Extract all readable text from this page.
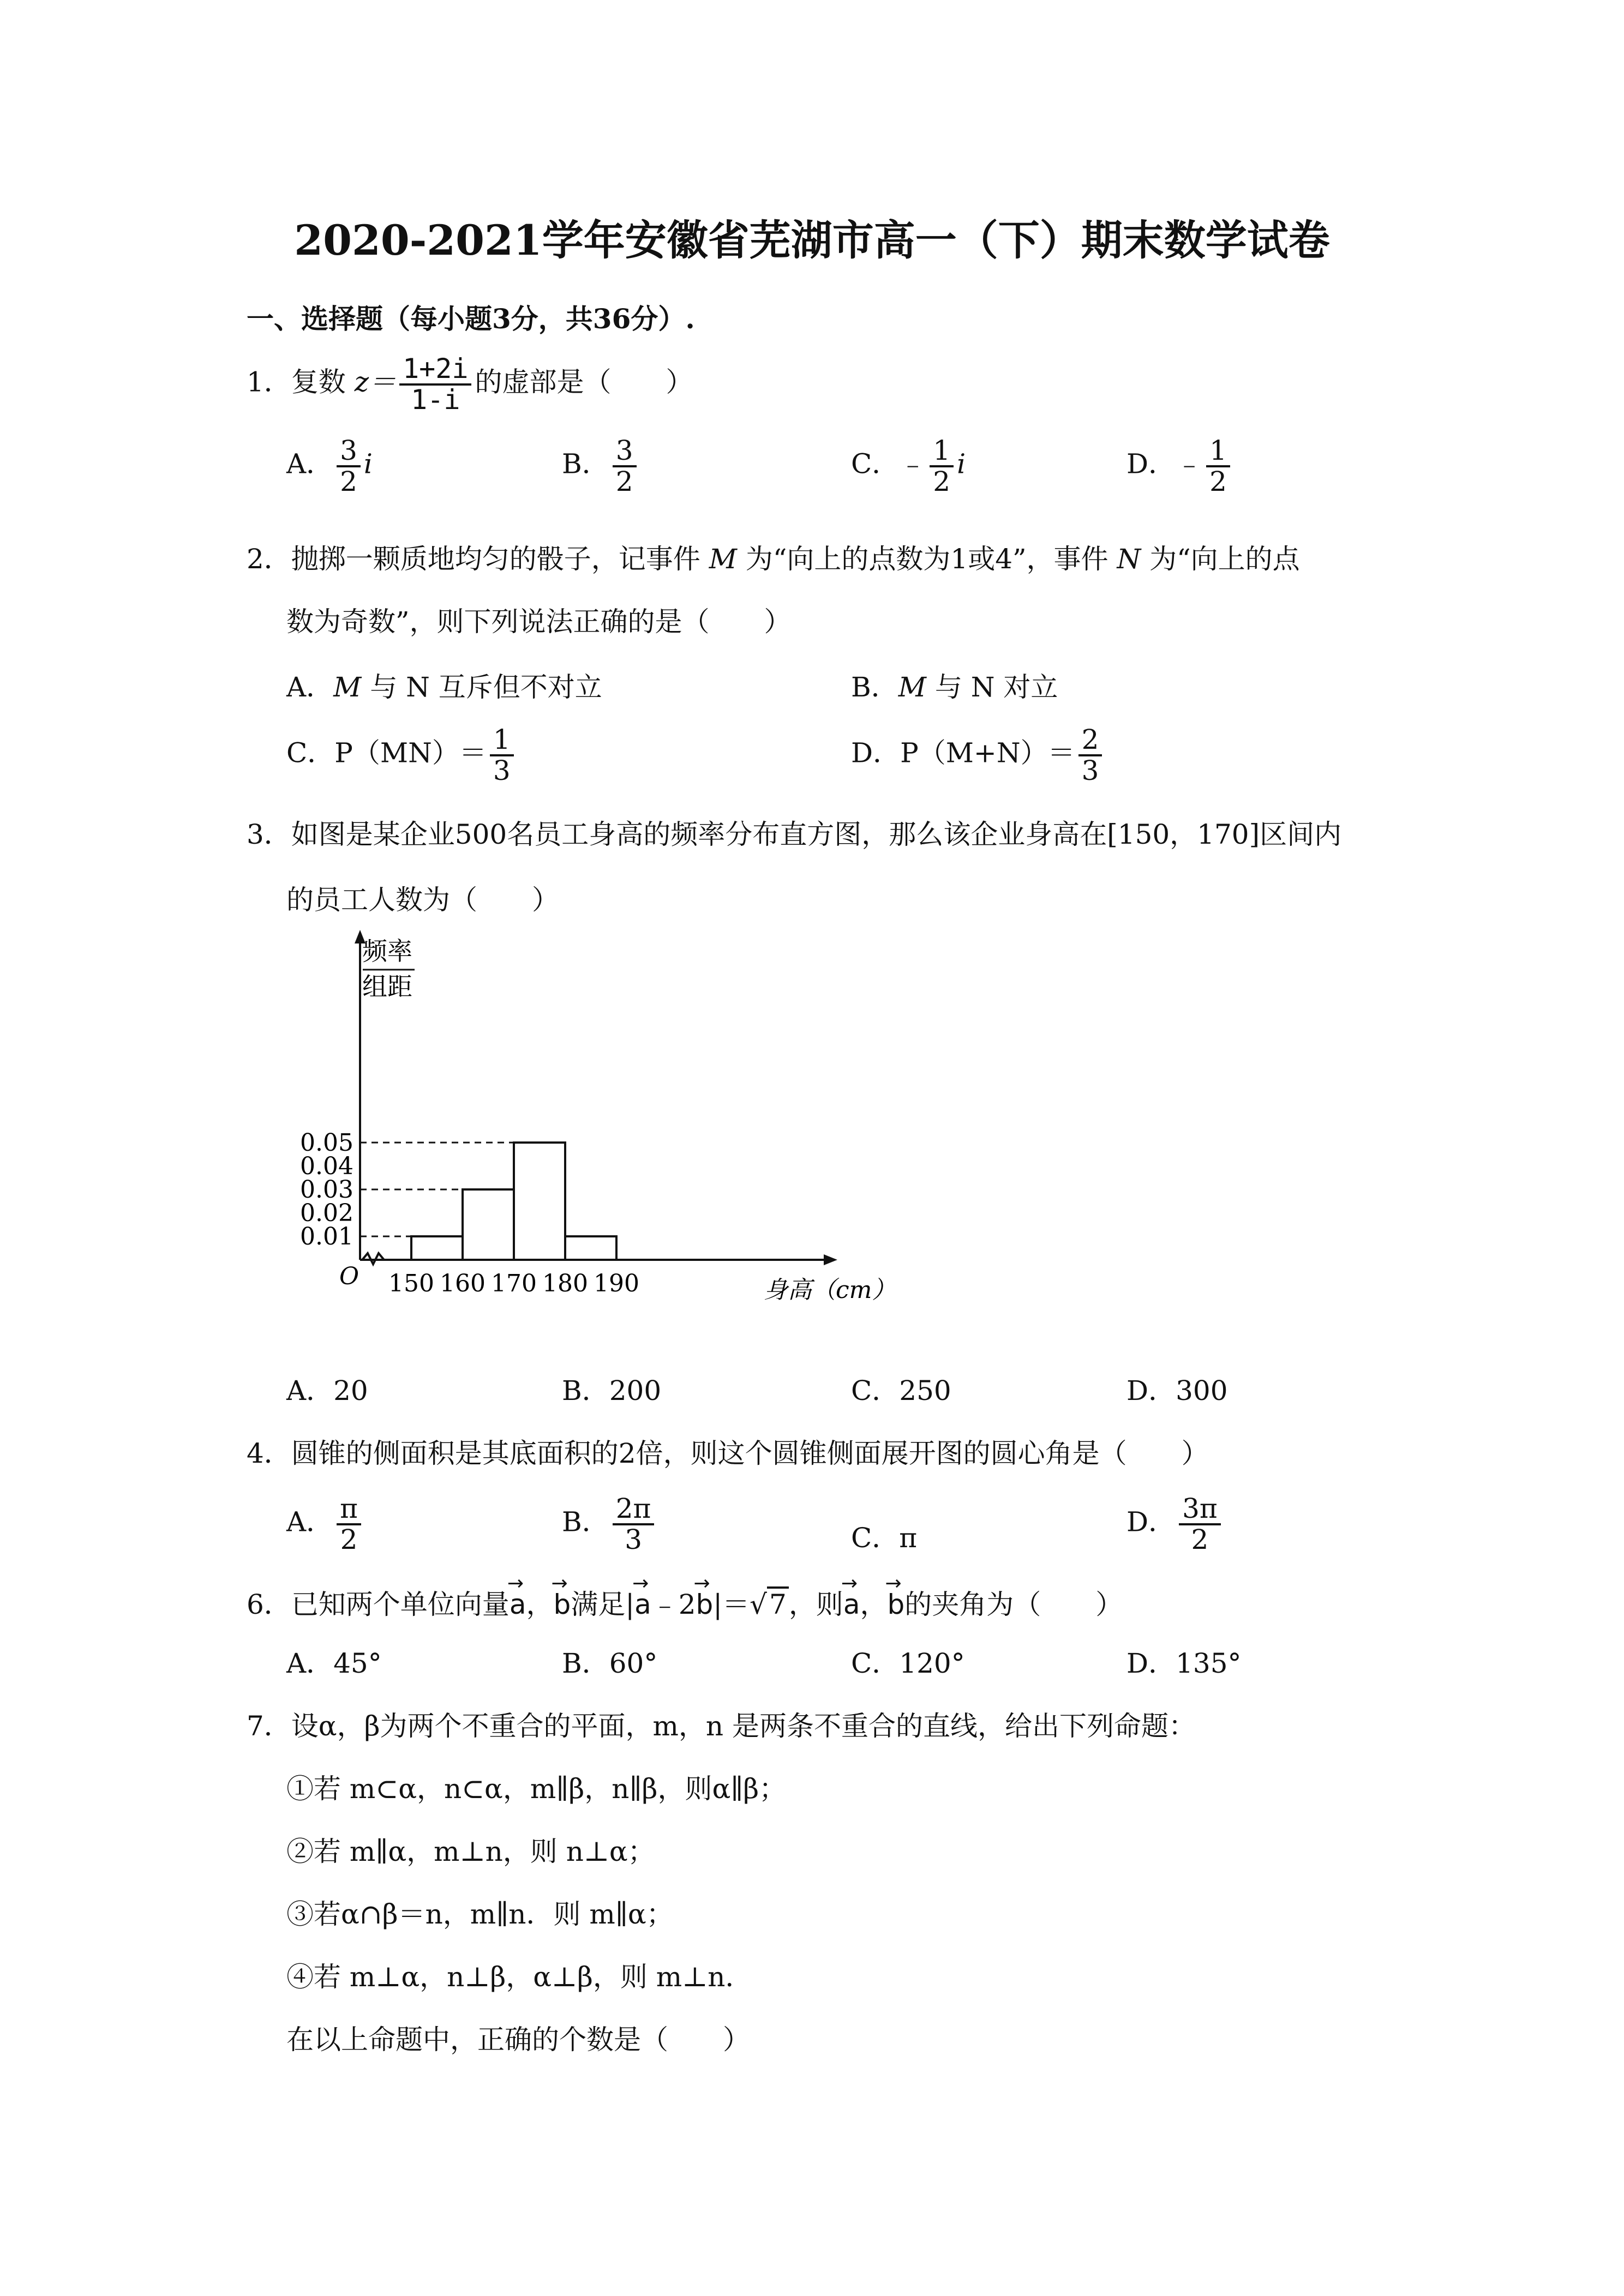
2020-2021学年安徽省芜湖市高一（下）期末数学试卷
一、选择题（每小题3分，共36分）.
1．复数 $z= \frac{1+2i}{1-i}$ 的虚部是（　　）
A． $\frac{3}{2}$ i	B． $\frac{3}{2}$	C．﹣ $\frac{1}{2}$ i	D．﹣ $\frac{1}{2}$
2．抛掷一颗质地均匀的骰子，记事件 M 为“向上的点数为1或4”，事件 N 为“向上的点
数为奇数”，则下列说法正确的是（　　）
A．M 与 N 互斥但不对立	B．M 与 N 对立
C．$P(MN)= \frac{1}{3}$	D．$P(M+N)= \frac{2}{3}$
3．如图是某企业500名员工身高的频率分布直方图，那么该企业身高在[150，170]区间内
的员工人数为（　　）
频率
组距
O
0.01
0.02
0.03
0.04
0.05
150 160 170 180 190	身高（cm）
A．20	B．200	C．250	D．300
4．圆锥的侧面积是其底面积的2倍，则这个圆锥侧面展开图的圆心角是（　　）
A． $\frac{\pi}{2}$	B． $\frac{2\pi}{3}$	C．π
D． $\frac{3\pi}{2}$
6．已知两个单位向量→ a，→ b满足|→ a﹣2→ b|＝√7，则→ a，→ b的夹角为（　　）
A．45°	B．60°	C．120°	D．135°
7．设α，β为两个不重合的平面，m，n 是两条不重合的直线，给出下列命题：
①若 m⊂α，n⊂α，m∥β，n∥β，则α∥β；
②若 m∥α，m⊥n，则 n⊥α；
③若α∩β＝n，m∥n．则 m∥α；
④若 m⊥α，n⊥β，α⊥β，则 m⊥n．
在以上命题中，正确的个数是（　　）
